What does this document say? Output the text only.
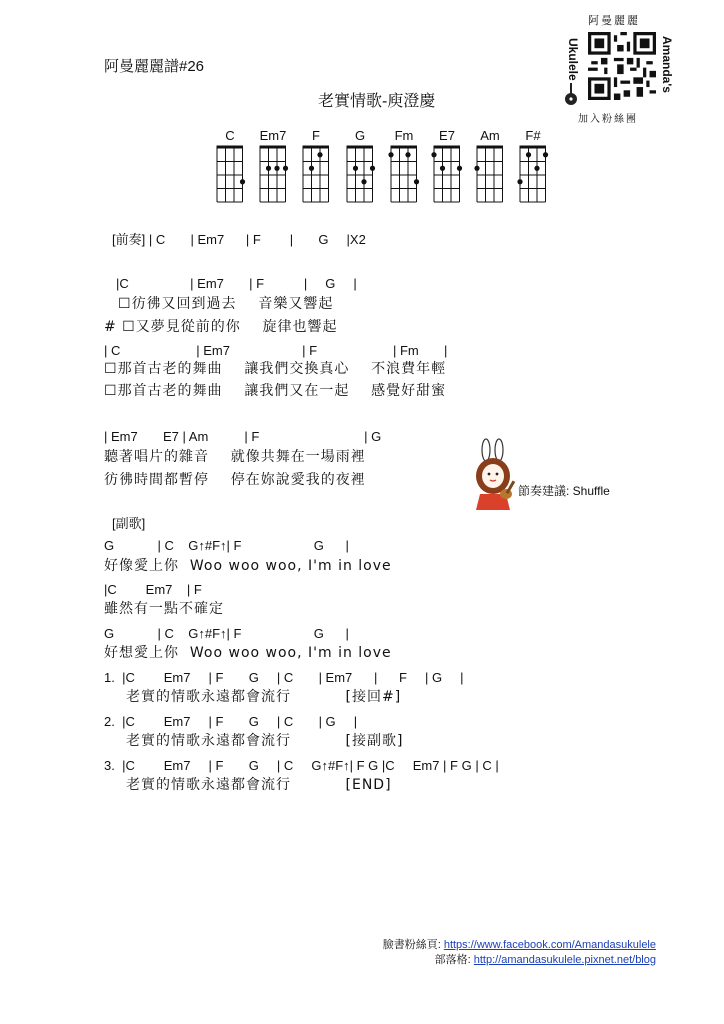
阿曼麗麗譜#26
老實情歌-庾澄慶
阿曼麗麗
Ukulele	Amanda's
加入粉絲團
C	Em7	F	G	Fm	E7	Am	F#
[前奏] | C       | Em7      | F        |       G     |X2
|C                 | Em7       | F           |     G     |
☐彷彿又回到過去    音樂又響起
# ☐又夢見從前的你    旋律也響起
| C                     | Em7                    | F                     | Fm       |
☐那首古老的舞曲    讓我們交換真心    不浪費年輕
☐那首古老的舞曲    讓我們又在一起    感覺好甜蜜
| Em7       E7 | Am          | F                             | G
聽著唱片的雜音    就像共舞在一場雨裡
彷彿時間都暫停    停在妳說愛我的夜裡
節奏建議: Shuffle
[副歌]
G            | C    G↑#F↑| F                    G      |
好像愛上你  Woo woo woo, I'm in love
|C        Em7    | F
雖然有一點不確定
G            | C    G↑#F↑| F                    G      |
好想愛上你  Woo woo woo, I'm in love
1. |C        Em7     | F       G     | C       | Em7      |      F     | G     |
老實的情歌永遠都會流行	[接回#]
2. |C        Em7     | F       G     | C       | G     |
老實的情歌永遠都會流行	[接副歌]
3. |C        Em7     | F       G     | C     G↑#F↑| F G |C     Em7 | F G | C |
老實的情歌永遠都會流行	[END]
臉書粉絲頁: https://www.facebook.com/Amandasukulele
部落格: http://amandasukulele.pixnet.net/blog
